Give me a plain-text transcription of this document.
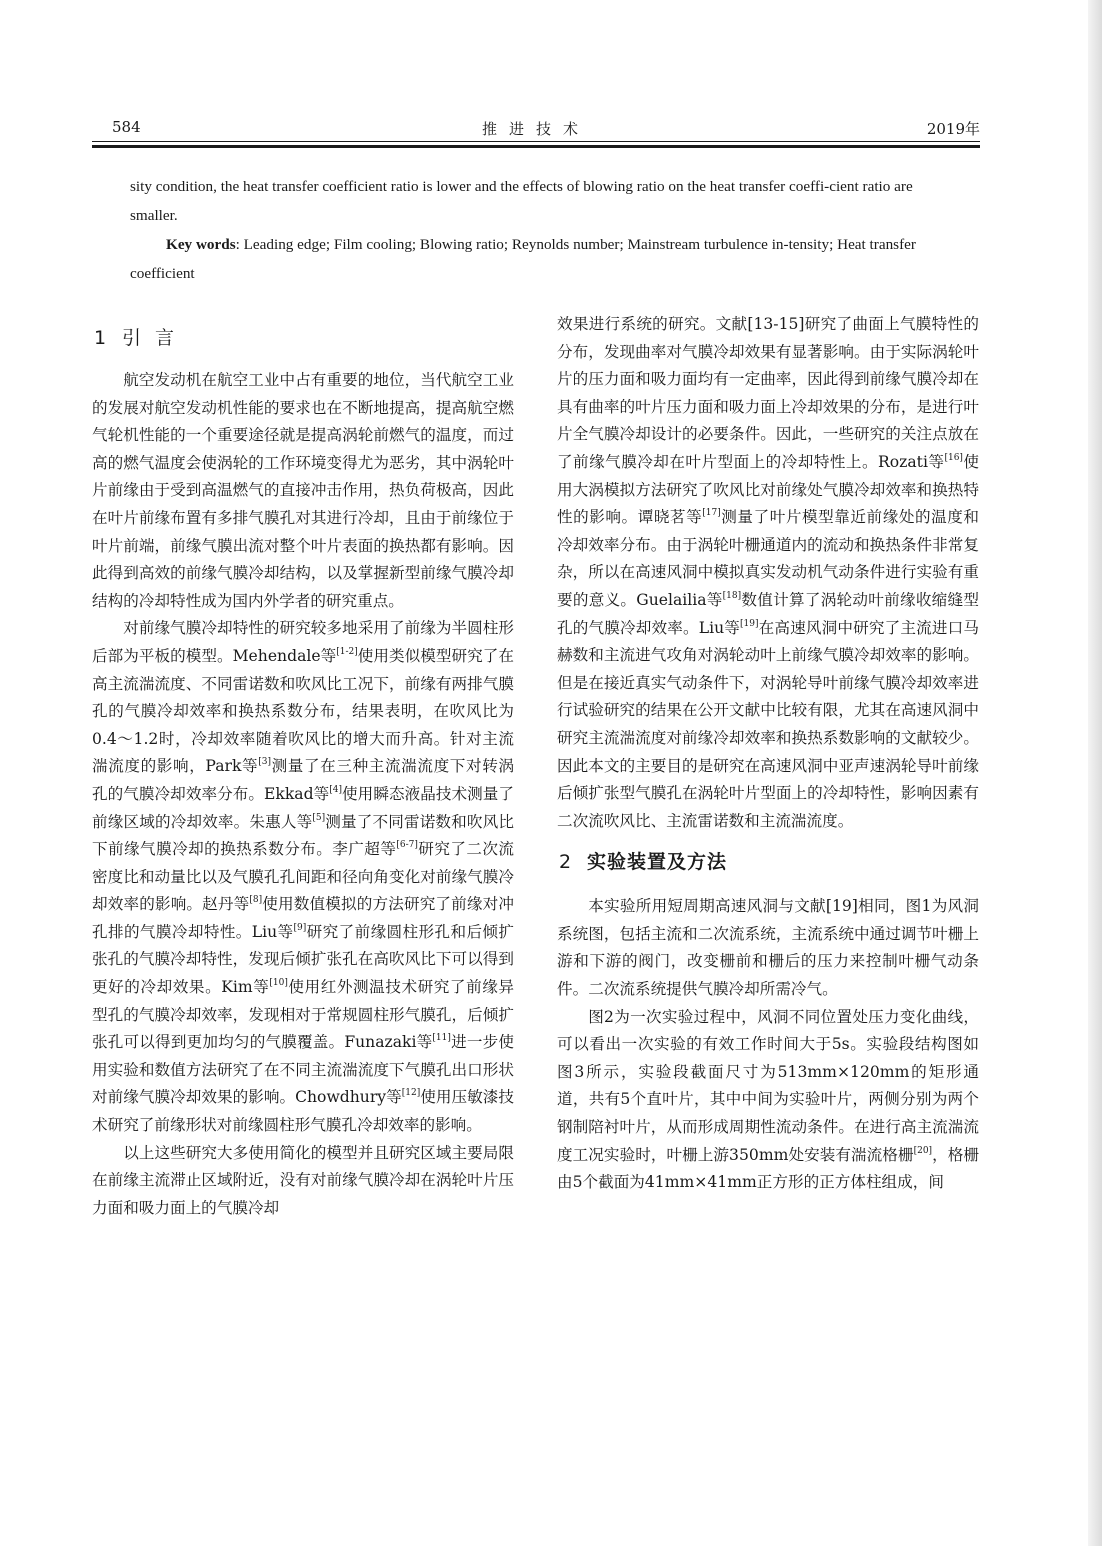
584	推进技术	2019年

sity condition, the heat transfer coefficient ratio is lower and the effects of blowing ratio on the heat transfer coeffi-cient ratio are smaller.

Key words: Leading edge; Film cooling; Blowing ratio; Reynolds number; Mainstream turbulence in-tensity; Heat transfer coefficient

1 引言

航空发动机在航空工业中占有重要的地位，当代航空工业的发展对航空发动机性能的要求也在不断地提高，提高航空燃气轮机性能的一个重要途径就是提高涡轮前燃气的温度，而过高的燃气温度会使涡轮的工作环境变得尤为恶劣，其中涡轮叶片前缘由于受到高温燃气的直接冲击作用，热负荷极高，因此在叶片前缘布置有多排气膜孔对其进行冷却，且由于前缘位于叶片前端，前缘气膜出流对整个叶片表面的换热都有影响。因此得到高效的前缘气膜冷却结构，以及掌握新型前缘气膜冷却结构的冷却特性成为国内外学者的研究重点。

对前缘气膜冷却特性的研究较多地采用了前缘为半圆柱形后部为平板的模型。Mehendale等[1-2]使用类似模型研究了在高主流湍流度、不同雷诺数和吹风比工况下，前缘有两排气膜孔的气膜冷却效率和换热系数分布，结果表明，在吹风比为0.4～1.2时，冷却效率随着吹风比的增大而升高。针对主流湍流度的影响，Park等[3]测量了在三种主流湍流度下对转涡孔的气膜冷却效率分布。Ekkad等[4]使用瞬态液晶技术测量了前缘区域的冷却效率。朱惠人等[5]测量了不同雷诺数和吹风比下前缘气膜冷却的换热系数分布。李广超等[6-7]研究了二次流密度比和动量比以及气膜孔孔间距和径向角变化对前缘气膜冷却效率的影响。赵丹等[8]使用数值模拟的方法研究了前缘对冲孔排的气膜冷却特性。Liu等[9]研究了前缘圆柱形孔和后倾扩张孔的气膜冷却特性，发现后倾扩张孔在高吹风比下可以得到更好的冷却效果。Kim等[10]使用红外测温技术研究了前缘异型孔的气膜冷却效率，发现相对于常规圆柱形气膜孔，后倾扩张孔可以得到更加均匀的气膜覆盖。Funazaki等[11]进一步使用实验和数值方法研究了在不同主流湍流度下气膜孔出口形状对前缘气膜冷却效果的影响。Chowdhury等[12]使用压敏漆技术研究了前缘形状对前缘圆柱形气膜孔冷却效率的影响。

以上这些研究大多使用简化的模型并且研究区域主要局限在前缘主流滞止区域附近，没有对前缘气膜冷却在涡轮叶片压力面和吸力面上的气膜冷却

效果进行系统的研究。文献[13-15]研究了曲面上气膜特性的分布，发现曲率对气膜冷却效果有显著影响。由于实际涡轮叶片的压力面和吸力面均有一定曲率，因此得到前缘气膜冷却在具有曲率的叶片压力面和吸力面上冷却效果的分布，是进行叶片全气膜冷却设计的必要条件。因此，一些研究的关注点放在了前缘气膜冷却在叶片型面上的冷却特性上。Rozati等[16]使用大涡模拟方法研究了吹风比对前缘处气膜冷却效率和换热特性的影响。谭晓茗等[17]测量了叶片模型靠近前缘处的温度和冷却效率分布。由于涡轮叶栅通道内的流动和换热条件非常复杂，所以在高速风洞中模拟真实发动机气动条件进行实验有重要的意义。Guelailia等[18]数值计算了涡轮动叶前缘收缩缝型孔的气膜冷却效率。Liu等[19]在高速风洞中研究了主流进口马赫数和主流进气攻角对涡轮动叶上前缘气膜冷却效率的影响。但是在接近真实气动条件下，对涡轮导叶前缘气膜冷却效率进行试验研究的结果在公开文献中比较有限，尤其在高速风洞中研究主流湍流度对前缘冷却效率和换热系数影响的文献较少。因此本文的主要目的是研究在高速风洞中亚声速涡轮导叶前缘后倾扩张型气膜孔在涡轮叶片型面上的冷却特性，影响因素有二次流吹风比、主流雷诺数和主流湍流度。

2 实验装置及方法

本实验所用短周期高速风洞与文献[19]相同，图1为风洞系统图，包括主流和二次流系统，主流系统中通过调节叶栅上游和下游的阀门，改变栅前和栅后的压力来控制叶栅气动条件。二次流系统提供气膜冷却所需冷气。

图2为一次实验过程中，风洞不同位置处压力变化曲线，可以看出一次实验的有效工作时间大于5s。实验段结构图如图3所示，实验段截面尺寸为513mm×120mm的矩形通道，共有5个直叶片，其中中间为实验叶片，两侧分别为两个钢制陪衬叶片，从而形成周期性流动条件。在进行高主流湍流度工况实验时，叶栅上游350mm处安装有湍流格栅[20]，格栅由5个截面为41mm×41mm正方形的正方体柱组成，间
